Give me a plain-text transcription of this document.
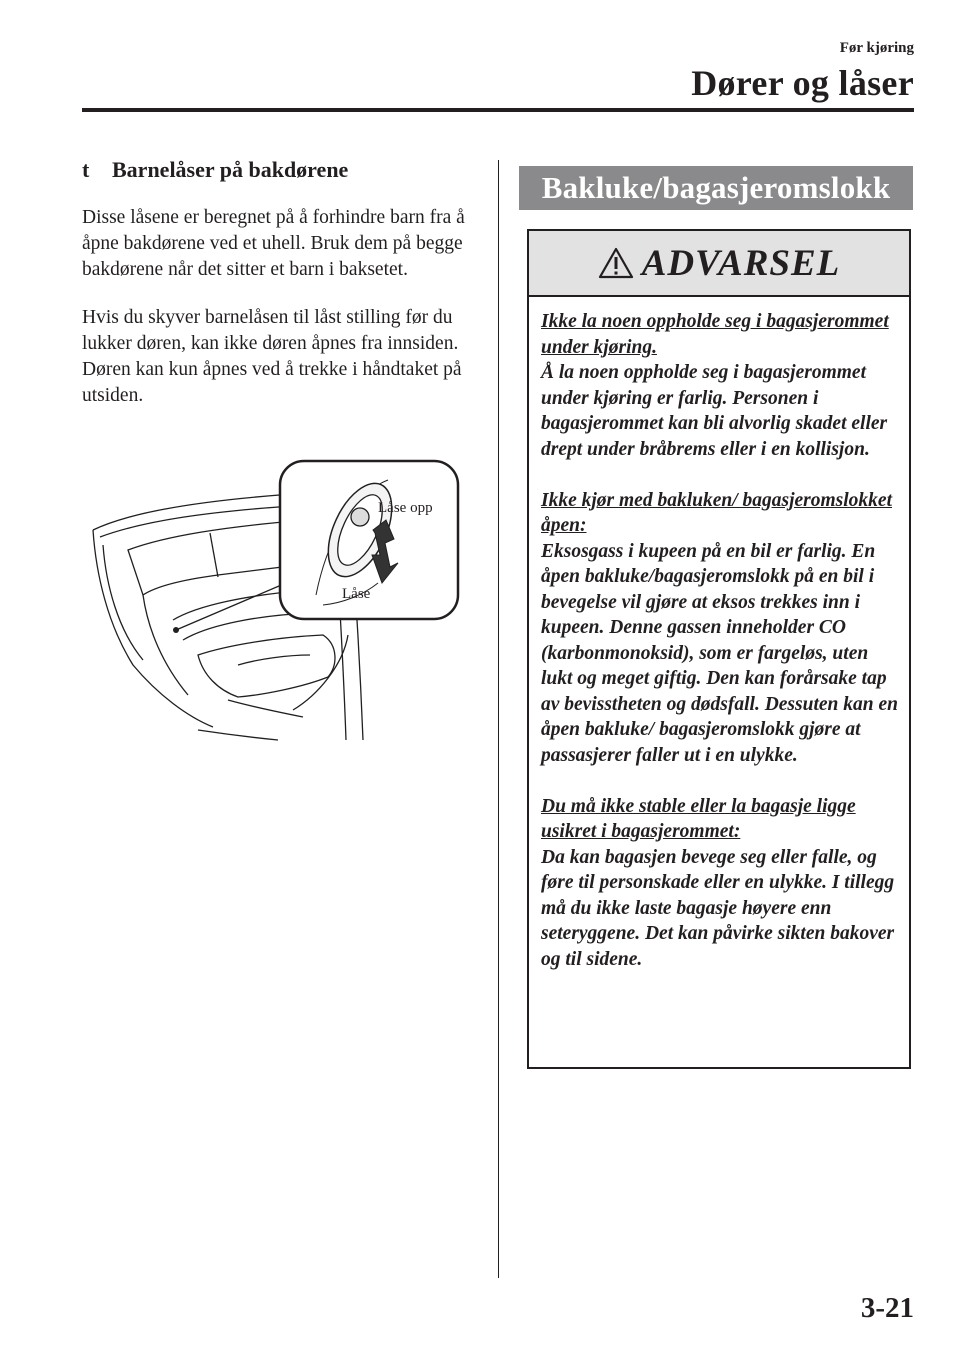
Før kjøring
Dører og låser
t Barnelåser på bakdørene

Disse låsene er beregnet på å forhindre barn fra å åpne bakdørene ved et uhell. Bruk dem på begge bakdørene når det sitter et barn i baksetet.

Hvis du skyver barnelåsen til låst stilling før du lukker døren, kan ikke døren åpnes fra innsiden. Døren kan kun åpnes ved å trekke i håndtaket på utsiden.

Låse opp
Låse
Bakluke/bagasjeromslokk
ADVARSEL
Ikke la noen oppholde seg i bagasjerommet under kjøring.
Å la noen oppholde seg i bagasjerommet under kjøring er farlig. Personen i bagasjerommet kan bli alvorlig skadet eller drept under bråbrems eller i en kollisjon.
Ikke kjør med bakluken/ bagasjeromslokket åpen:
Eksosgass i kupeen på en bil er farlig. En åpen bakluke/bagasjeromslokk på en bil i bevegelse vil gjøre at eksos trekkes inn i kupeen. Denne gassen inneholder CO (karbonmonoksid), som er fargeløs, uten lukt og meget giftig. Den kan forårsake tap av bevisstheten og dødsfall. Dessuten kan en åpen bakluke/ bagasjeromslokk gjøre at passasjerer faller ut i en ulykke.
Du må ikke stable eller la bagasje ligge usikret i bagasjerommet:
Da kan bagasjen bevege seg eller falle, og føre til personskade eller en ulykke. I tillegg må du ikke laste bagasje høyere enn seteryggene. Det kan påvirke sikten bakover og til sidene.
3-21
